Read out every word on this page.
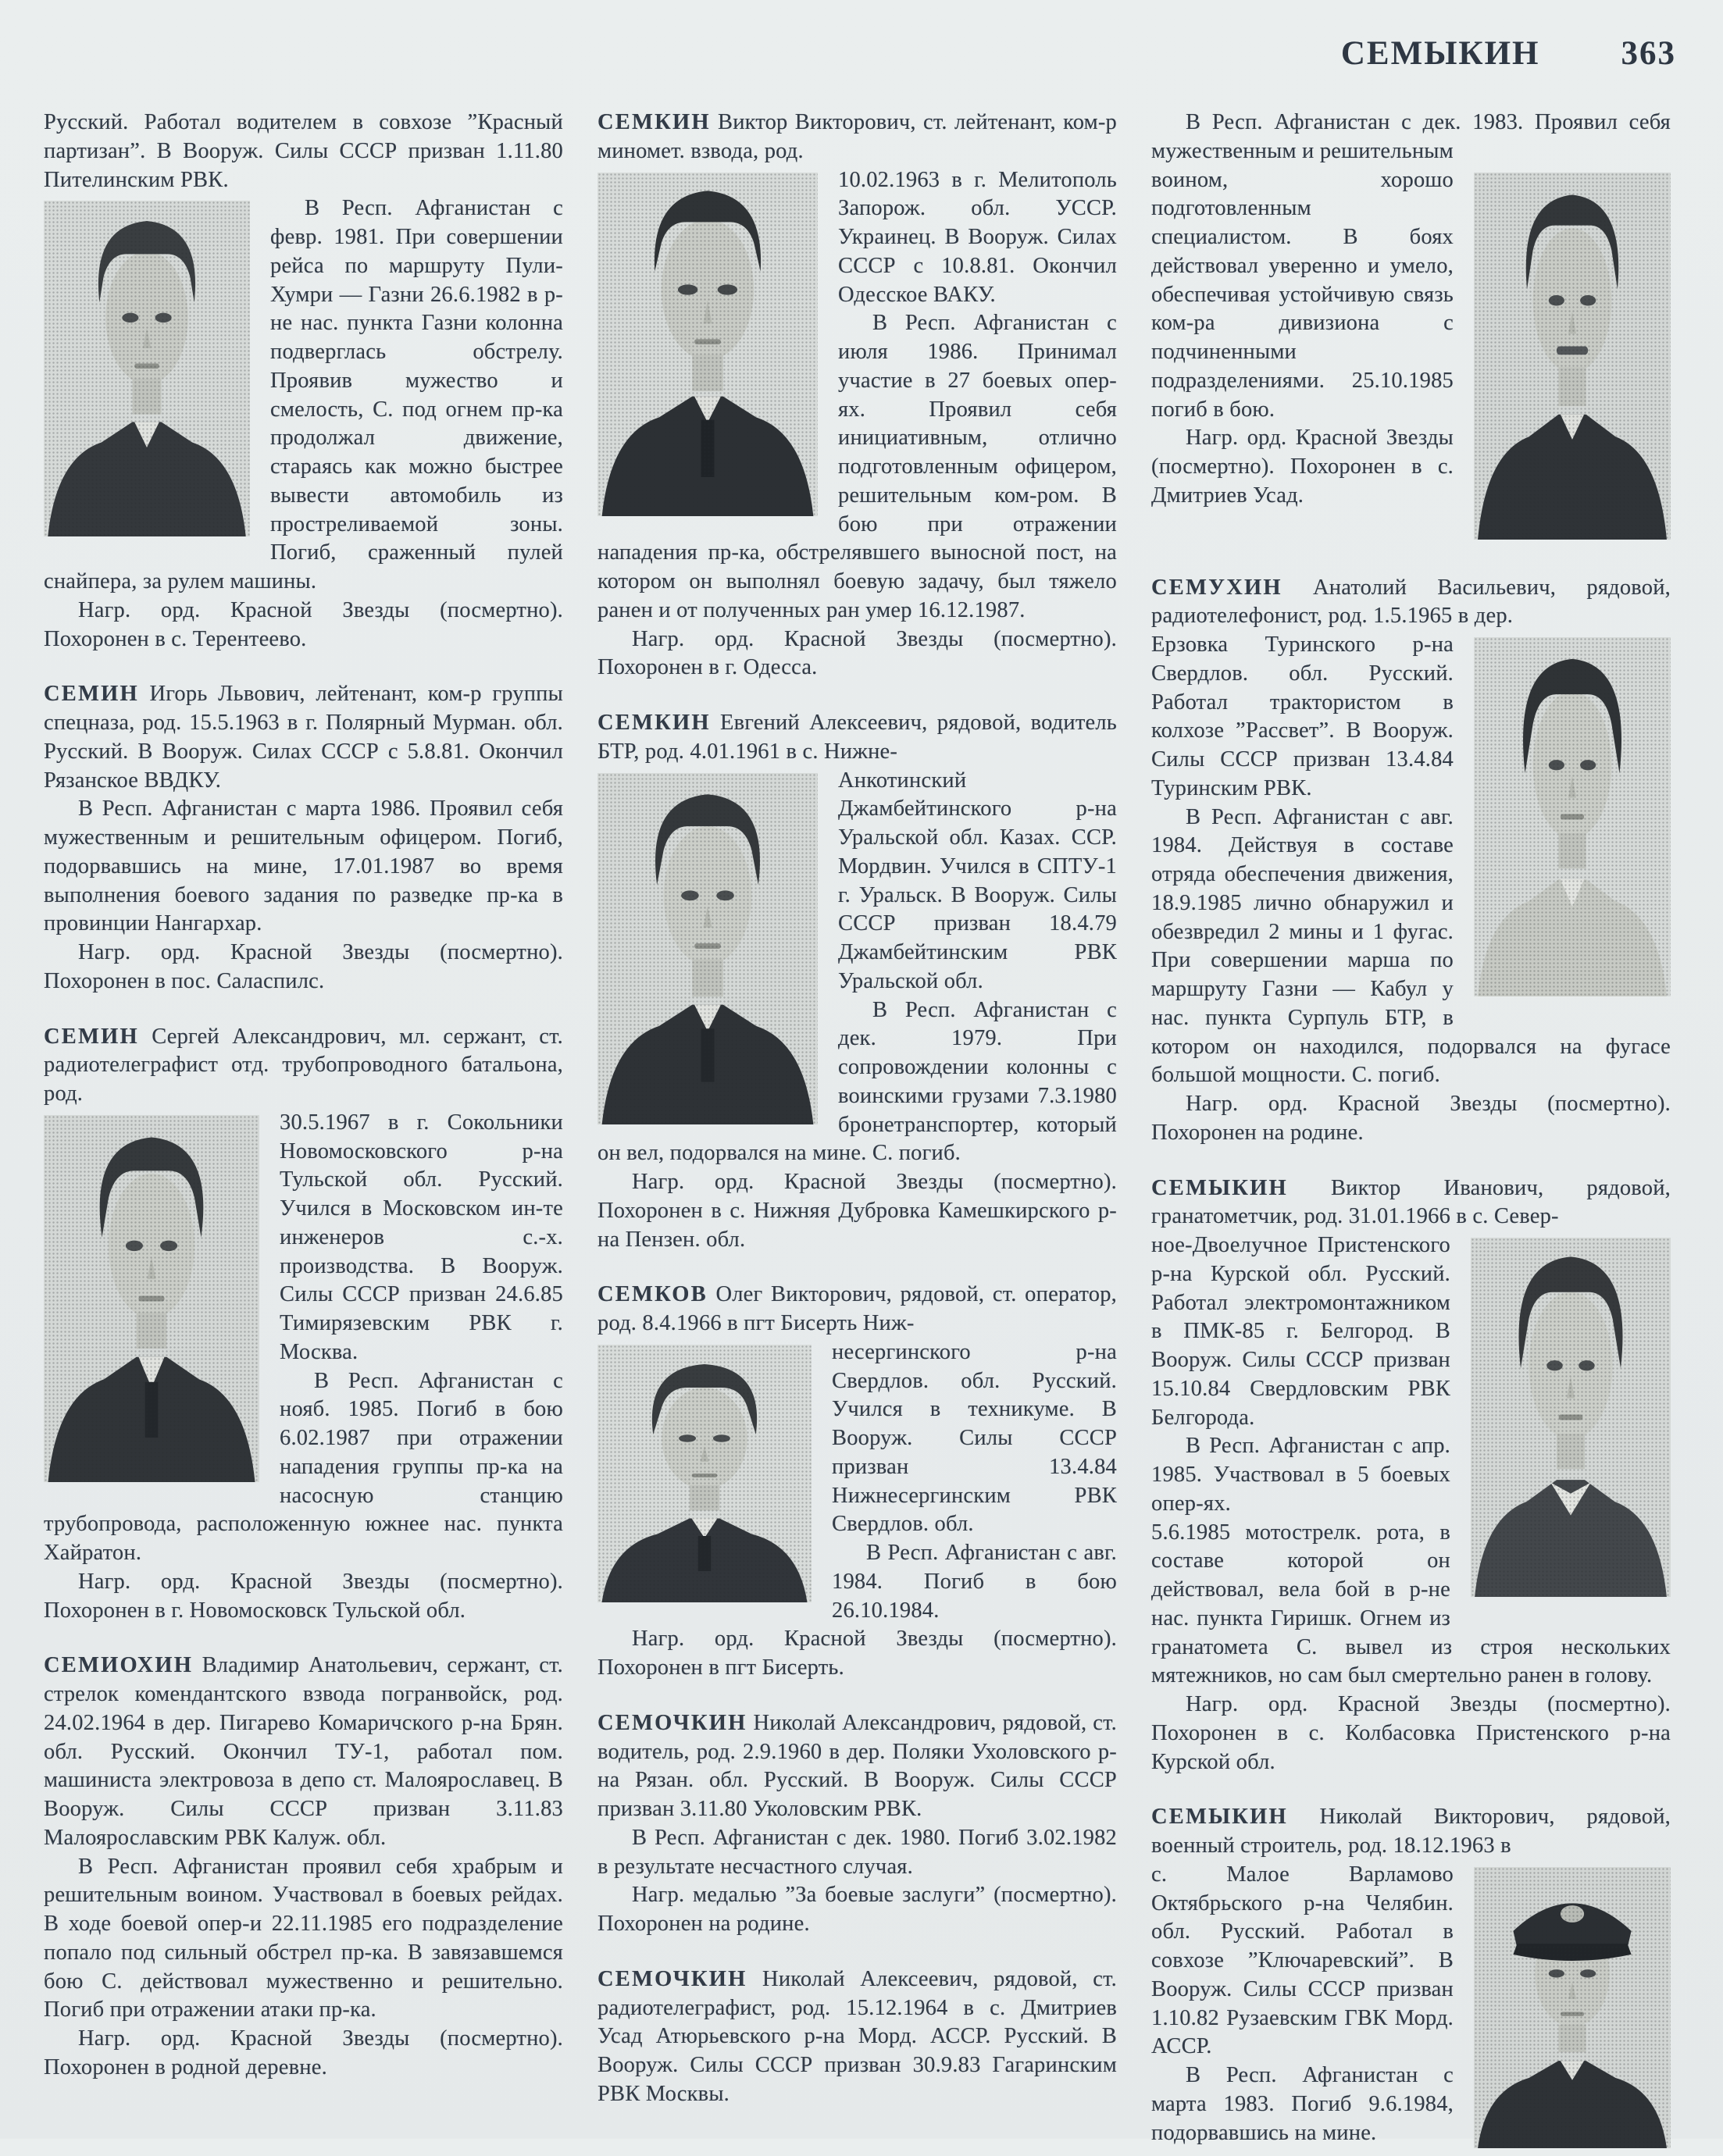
СЕМЫКИН 363

Русский. Работал водителем в совхозе ”Красный партизан”. В Вооруж. Силы СССР призван 1.11.80 Пителинским РВК.

В Респ. Афганистан с февр. 1981. При совершении рейса по маршруту Пули-Хумри — Газни 26.6.1982 в р-не нас. пункта Газни колонна подверглась обстрелу. Проявив мужество и смелость, С. под огнем пр-ка продолжал движение, стараясь как можно быстрее вывести автомобиль из простреливаемой зоны. Погиб, сраженный пулей снайпера, за рулем машины.

Нагр. орд. Красной Звезды (посмертно). Похоронен в с. Терентеево.

СЕМИН Игорь Львович, лейтенант, ком-р группы спецназа, род. 15.5.1963 в г. Полярный Мурман. обл. Русский. В Вооруж. Силах СССР с 5.8.81. Окончил Рязанское ВВДКУ.

В Респ. Афганистан с марта 1986. Проявил себя мужественным и решительным офицером. Погиб, подорвавшись на мине, 17.01.1987 во время выполнения боевого задания по разведке пр-ка в провинции Нангархар.

Нагр. орд. Красной Звезды (посмертно). Похоронен в пос. Саласпилс.

СЕМИН Сергей Александрович, мл. сержант, ст. радиотелеграфист отд. трубопроводного батальона, род.

30.5.1967 в г. Сокольники Новомосковского р-на Тульской обл. Русский. Учился в Московском ин-те инженеров с.-х. производства. В Вооруж. Силы СССР призван 24.6.85 Тимирязевским РВК г. Москва.

В Респ. Афганистан с нояб. 1985. Погиб в бою 6.02.1987 при отражении нападения группы пр-ка на насосную станцию трубопровода, расположенную южнее нас. пункта Хайратон.

Нагр. орд. Красной Звезды (посмертно). Похоронен в г. Новомосковск Тульской обл.

СЕМИОХИН Владимир Анатольевич, сержант, ст. стрелок комендантского взвода погранвойск, род. 24.02.1964 в дер. Пигарево Комаричского р-на Брян. обл. Русский. Окончил ТУ-1, работал пом. машиниста электровоза в депо ст. Малоярославец. В Вооруж. Силы СССР призван 3.11.83 Малоярославским РВК Калуж. обл.

В Респ. Афганистан проявил себя храбрым и решительным воином. Участвовал в боевых рейдах. В ходе боевой опер-и 22.11.1985 его подразделение попало под сильный обстрел пр-ка. В завязавшемся бою С. действовал мужественно и решительно. Погиб при отражении атаки пр-ка.

Нагр. орд. Красной Звезды (посмертно). Похоронен в родной деревне.

СЕМКИН Виктор Викторович, ст. лейтенант, ком-р миномет. взвода, род.

10.02.1963 в г. Мелитополь Запорож. обл. УССР. Украинец. В Вооруж. Силах СССР с 10.8.81. Окончил Одесское ВАКУ.

В Респ. Афганистан с июля 1986. Принимал участие в 27 боевых опер-ях. Проявил себя инициативным, отлично подготовленным офицером, решительным ком-ром. В бою при отражении нападения пр-ка, обстрелявшего выносной пост, на котором он выполнял боевую задачу, был тяжело ранен и от полученных ран умер 16.12.1987.

Нагр. орд. Красной Звезды (посмертно). Похоронен в г. Одесса.

СЕМКИН Евгений Алексеевич, рядовой, водитель БТР, род. 4.01.1961 в с. Нижне-

Анкотинский Джамбейтинского р-на Уральской обл. Казах. ССР. Мордвин. Учился в СПТУ-1 г. Уральск. В Вооруж. Силы СССР призван 18.4.79 Джамбейтинским РВК Уральской обл.

В Респ. Афганистан с дек. 1979. При сопровождении колонны с воинскими грузами 7.3.1980 бронетранспортер, который он вел, подорвался на мине. С. погиб.

Нагр. орд. Красной Звезды (посмертно). Похоронен в с. Нижняя Дубровка Камешкирского р-на Пензен. обл.

СЕМКОВ Олег Викторович, рядовой, ст. оператор, род. 8.4.1966 в пгт Бисерть Ниж-

несергинского р-на Свердлов. обл. Русский. Учился в техникуме. В Вооруж. Силы СССР призван 13.4.84 Нижнесергинским РВК Свердлов. обл.

В Респ. Афганистан с авг. 1984. Погиб в бою 26.10.1984.

Нагр. орд. Красной Звезды (посмертно). Похоронен в пгт Бисерть.

СЕМОЧКИН Николай Александрович, рядовой, ст. водитель, род. 2.9.1960 в дер. Поляки Ухоловского р-на Рязан. обл. Русский. В Вооруж. Силы СССР призван 3.11.80 Уколовским РВК.

В Респ. Афганистан с дек. 1980. Погиб 3.02.1982 в результате несчастного случая.

Нагр. медалью ”За боевые заслуги” (посмертно). Похоронен на родине.

СЕМОЧКИН Николай Алексеевич, рядовой, ст. радиотелеграфист, род. 15.12.1964 в с. Дмитриев Усад Атюрьевского р-на Морд. АССР. Русский. В Вооруж. Силы СССР призван 30.9.83 Гагаринским РВК Москвы.

В Респ. Афганистан с дек. 1983. Проявил себя мужественным и решительным

воином, хорошо подготовленным специалистом. В боях действовал уверенно и умело, обеспечивая устойчивую связь ком-ра дивизиона с подчиненными подразделениями. 25.10.1985 погиб в бою.

Нагр. орд. Красной Звезды (посмертно). Похоронен в с. Дмитриев Усад.

СЕМУХИН Анатолий Васильевич, рядовой, радиотелефонист, род. 1.5.1965 в дер.

Ерзовка Туринского р-на Свердлов. обл. Русский. Работал трактористом в колхозе ”Рассвет”. В Вооруж. Силы СССР призван 13.4.84 Туринским РВК.

В Респ. Афганистан с авг. 1984. Действуя в составе отряда обеспечения движения, 18.9.1985 лично обнаружил и обезвредил 2 мины и 1 фугас. При совершении марша по маршруту Газни — Кабул у нас. пункта Сурпуль БТР, в котором он находился, подорвался на фугасе большой мощности. С. погиб.

Нагр. орд. Красной Звезды (посмертно). Похоронен на родине.

СЕМЫКИН Виктор Иванович, рядовой, гранатометчик, род. 31.01.1966 в с. Север-

ное-Двоелучное Пристенского р-на Курской обл. Русский. Работал электромонтажником в ПМК-85 г. Белгород. В Вооруж. Силы СССР призван 15.10.84 Свердловским РВК Белгорода.

В Респ. Афганистан с апр. 1985. Участвовал в 5 боевых опер-ях.

5.6.1985 мотострелк. рота, в составе которой он действовал, вела бой в р-не нас. пункта Гиришк. Огнем из гранатомета С. вывел из строя нескольких мятежников, но сам был смертельно ранен в голову.

Нагр. орд. Красной Звезды (посмертно). Похоронен в с. Колбасовка Пристенского р-на Курской обл.

СЕМЫКИН Николай Викторович, рядовой, военный строитель, род. 18.12.1963 в

с. Малое Варламово Октябрьского р-на Челябин. обл. Русский. Работал в совхозе ”Ключаревский”. В Вооруж. Силы СССР призван 1.10.82 Рузаевским ГВК Морд. АССР.

В Респ. Афганистан с марта 1983. Погиб 9.6.1984, подорвавшись на мине.
